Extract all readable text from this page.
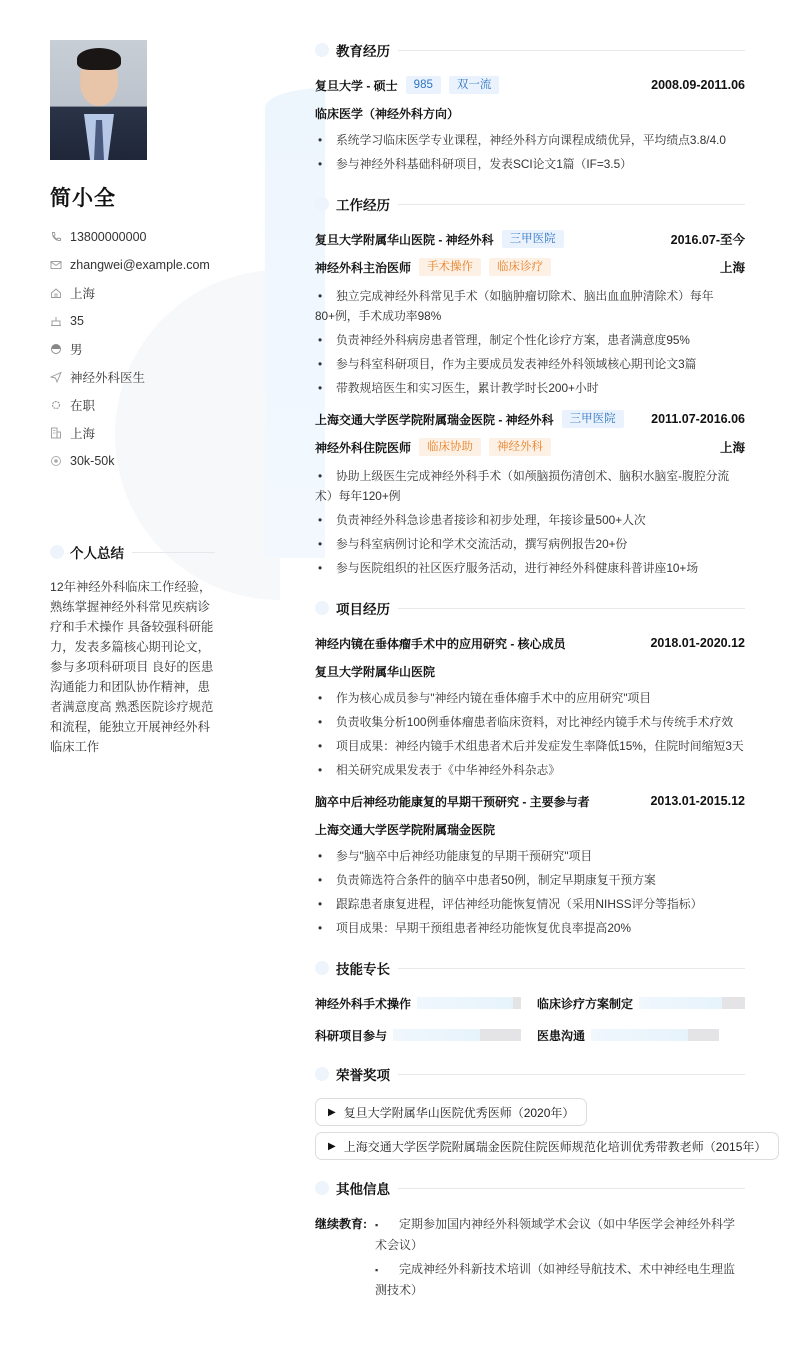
简小全
13800000000
zhangwei@example.com
上海
35
男
神经外科医生
在职
上海
30k-50k
个人总结
12年神经外科临床工作经验，熟练掌握神经外科常见疾病诊疗和手术操作 具备较强科研能力，发表多篇核心期刊论文，参与多项科研项目 良好的医患沟通能力和团队协作精神，患者满意度高 熟悉医院诊疗规范和流程，能独立开展神经外科临床工作
教育经历
复旦大学 - 硕士	985	双一流	2008.09-2011.06
临床医学（神经外科方向）
• 系统学习临床医学专业课程，神经外科方向课程成绩优异，平均绩点3.8/4.0
• 参与神经外科基础科研项目，发表SCI论文1篇（IF=3.5）
工作经历
复旦大学附属华山医院 - 神经外科	三甲医院	2016.07-至今
神经外科主治医师	手术操作	临床诊疗	上海
• 独立完成神经外科常见手术（如脑肿瘤切除术、脑出血血肿清除术）每年80+例，手术成功率98%
• 负责神经外科病房患者管理，制定个性化诊疗方案，患者满意度95%
• 参与科室科研项目，作为主要成员发表神经外科领域核心期刊论文3篇
• 带教规培医生和实习医生，累计教学时长200+小时
上海交通大学医学院附属瑞金医院 - 神经外科	三甲医院	2011.07-2016.06
神经外科住院医师	临床协助	神经外科	上海
• 协助上级医生完成神经外科手术（如颅脑损伤清创术、脑积水脑室-腹腔分流术）每年120+例
• 负责神经外科急诊患者接诊和初步处理，年接诊量500+人次
• 参与科室病例讨论和学术交流活动，撰写病例报告20+份
• 参与医院组织的社区医疗服务活动，进行神经外科健康科普讲座10+场
项目经历
神经内镜在垂体瘤手术中的应用研究 - 核心成员	2018.01-2020.12
复旦大学附属华山医院
• 作为核心成员参与"神经内镜在垂体瘤手术中的应用研究"项目
• 负责收集分析100例垂体瘤患者临床资料，对比神经内镜手术与传统手术疗效
• 项目成果：神经内镜手术组患者术后并发症发生率降低15%，住院时间缩短3天
• 相关研究成果发表于《中华神经外科杂志》
脑卒中后神经功能康复的早期干预研究 - 主要参与者	2013.01-2015.12
上海交通大学医学院附属瑞金医院
• 参与"脑卒中后神经功能康复的早期干预研究"项目
• 负责筛选符合条件的脑卒中患者50例，制定早期康复干预方案
• 跟踪患者康复进程，评估神经功能恢复情况（采用NIHSS评分等指标）
• 项目成果：早期干预组患者神经功能恢复优良率提高20%
技能专长
神经外科手术操作	临床诊疗方案制定
科研项目参与	医患沟通
荣誉奖项
▶ 复旦大学附属华山医院优秀医师（2020年）
▶ 上海交通大学医学院附属瑞金医院住院医师规范化培训优秀带教老师（2015年）
其他信息
继续教育:	▪ 定期参加国内神经外科领域学术会议（如中华医学会神经外科学术会议）
▪ 完成神经外科新技术培训（如神经导航技术、术中神经电生理监测技术）
